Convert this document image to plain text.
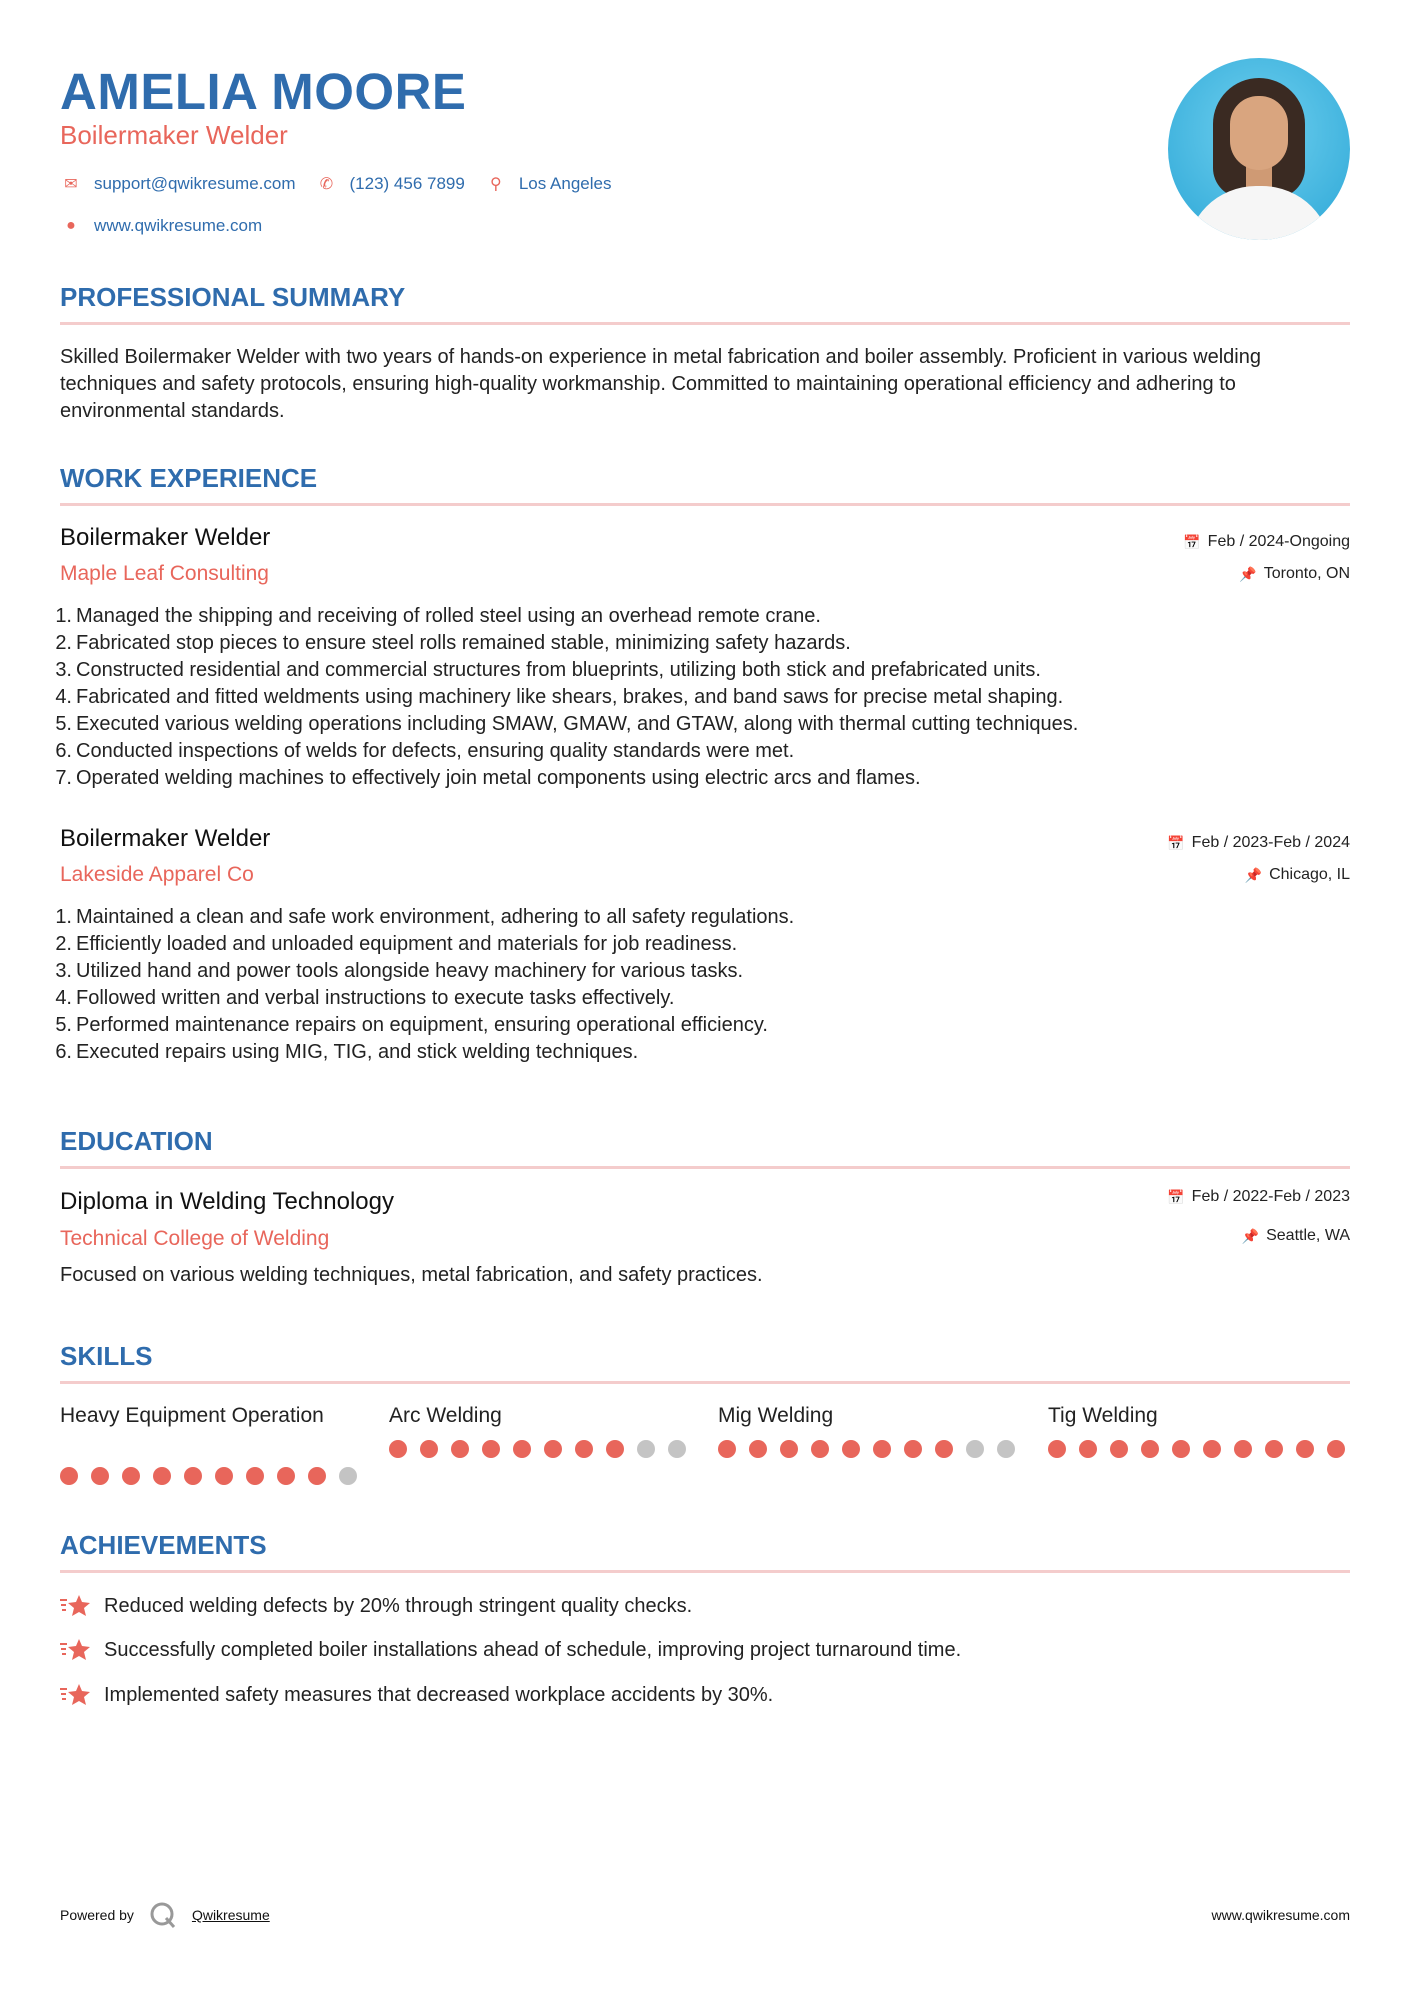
AMELIA MOORE
Boilermaker Welder
✉ support@qwikresume.com ✆ (123) 456 7899	⚲	Los Angeles
●	www.qwikresume.com
PROFESSIONAL SUMMARY
Skilled Boilermaker Welder with two years of hands-on experience in metal fabrication and boiler assembly. Proficient in various welding techniques and safety protocols, ensuring high-quality workmanship. Committed to maintaining operational efficiency and adhering to environmental standards.
WORK EXPERIENCE
Boilermaker Welder
Maple Leaf Consulting
📅 Feb / 2024-Ongoing
📌 Toronto, ON
1. Managed the shipping and receiving of rolled steel using an overhead remote crane.
2. Fabricated stop pieces to ensure steel rolls remained stable, minimizing safety hazards.
3. Constructed residential and commercial structures from blueprints, utilizing both stick and prefabricated units.
4. Fabricated and fitted weldments using machinery like shears, brakes, and band saws for precise metal shaping.
5. Executed various welding operations including SMAW, GMAW, and GTAW, along with thermal cutting techniques.
6. Conducted inspections of welds for defects, ensuring quality standards were met.
7. Operated welding machines to effectively join metal components using electric arcs and flames.
Boilermaker Welder
Lakeside Apparel Co
📅 Feb / 2023-Feb / 2024
📌 Chicago, IL
1. Maintained a clean and safe work environment, adhering to all safety regulations.
2. Efficiently loaded and unloaded equipment and materials for job readiness.
3. Utilized hand and power tools alongside heavy machinery for various tasks.
4. Followed written and verbal instructions to execute tasks effectively.
5. Performed maintenance repairs on equipment, ensuring operational efficiency.
6. Executed repairs using MIG, TIG, and stick welding techniques.
EDUCATION
Diploma in Welding Technology
Technical College of Welding
📅 Feb / 2022-Feb / 2023
📌 Seattle, WA
Focused on various welding techniques, metal fabrication, and safety practices.
SKILLS
Heavy Equipment Operation	Arc Welding	Mig Welding	Tig Welding
ACHIEVEMENTS
Reduced welding defects by 20% through stringent quality checks.
Successfully completed boiler installations ahead of schedule, improving project turnaround time.
Implemented safety measures that decreased workplace accidents by 30%.
Powered by	Qwikresume	www.qwikresume.com
